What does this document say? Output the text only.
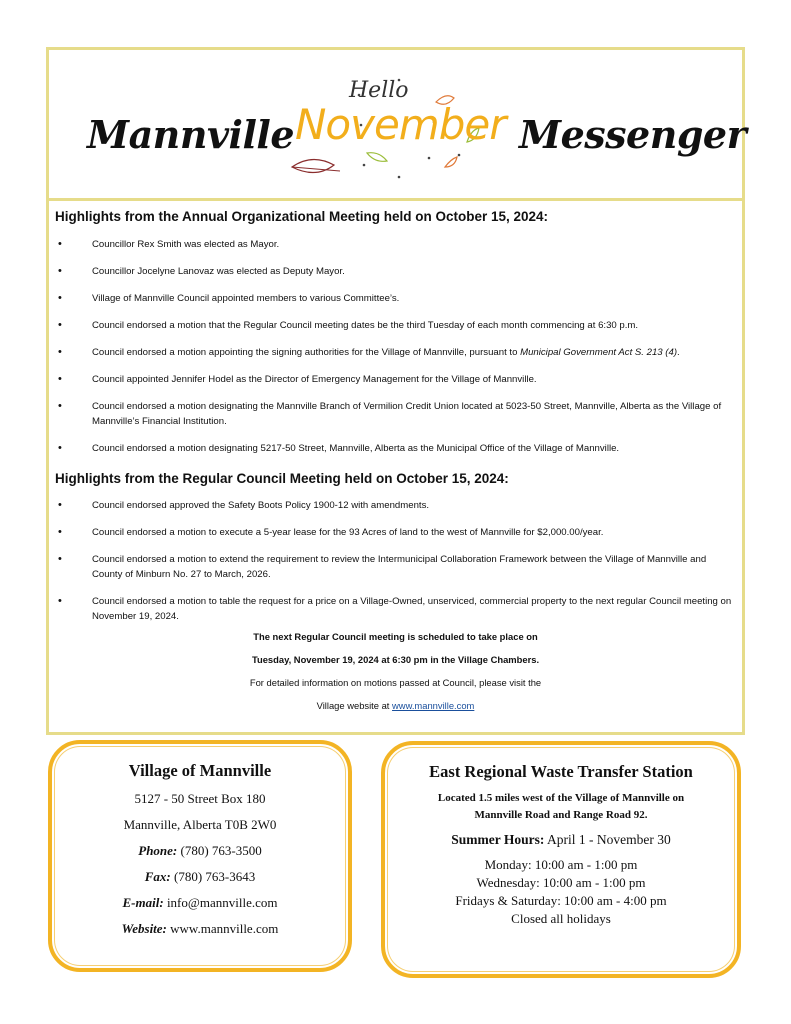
Mannville
Hello
November Messenger
Highlights from the Annual Organizational Meeting held on October 15, 2024:
• Councillor Rex Smith was elected as Mayor.
• Councillor Jocelyne Lanovaz was elected as Deputy Mayor.
• Village of Mannville Council appointed members to various Committee’s.
• Council endorsed a motion that the Regular Council meeting dates be the third Tuesday of each month commencing at 6:30 p.m.
• Council endorsed a motion appointing the signing authorities for the Village of Mannville, pursuant to Municipal Government Act S. 213 (4).
• Council appointed Jennifer Hodel as the Director of Emergency Management for the Village of Mannville.
• Council endorsed a motion designating the Mannville Branch of Vermilion Credit Union located at 5023-50 Street, Mannville, Alberta as the Village of Mannville’s Financial Institution.
• Council endorsed a motion designating 5217-50 Street, Mannville, Alberta as the Municipal Office of the Village of Mannville.
Highlights from the Regular Council Meeting held on October 15, 2024:
• Council endorsed approved the Safety Boots Policy 1900-12 with amendments.
• Council endorsed a motion to execute a 5-year lease for the 93 Acres of land to the west of Mannville for $2,000.00/year.
• Council endorsed a motion to extend the requirement to review the Intermunicipal Collaboration Framework between the Village of Mannville and County of Minburn No. 27 to March, 2026.
• Council endorsed a motion to table the request for a price on a Village-Owned, unserviced, commercial property to the next regular Council meeting on November 19, 2024.

The next Regular Council meeting is scheduled to take place on

Tuesday, November 19, 2024 at 6:30 pm in the Village Chambers.

For detailed information on motions passed at Council, please visit the

Village website at www.mannville.com

Village of Mannville
5127 - 50 Street Box 180
Mannville, Alberta T0B 2W0
Phone: (780) 763-3500
Fax: (780) 763-3643
E-mail: info@mannville.com
Website: www.mannville.com
East Regional Waste Transfer Station
Located 1.5 miles west of the Village of Mannville on
Mannville Road and Range Road 92.
Summer Hours: April 1 - November 30
Monday: 10:00 am - 1:00 pm
Wednesday: 10:00 am - 1:00 pm
Fridays & Saturday: 10:00 am - 4:00 pm
Closed all holidays
